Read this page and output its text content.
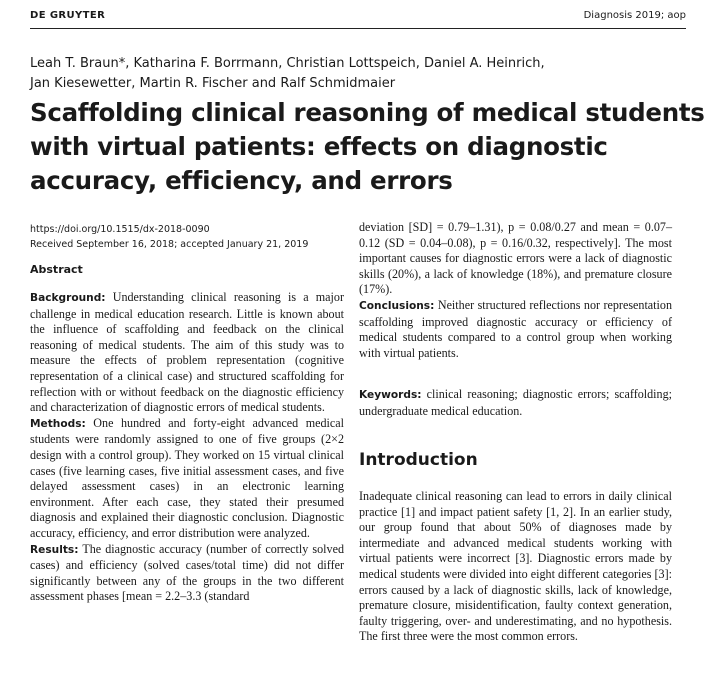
DE GRUYTER	Diagnosis 2019; aop
Leah T. Braun*, Katharina F. Borrmann, Christian Lottspeich, Daniel A. Heinrich,
Jan Kiesewetter, Martin R. Fischer and Ralf Schmidmaier
Scaffolding clinical reasoning of medical students with virtual patients: effects on diagnostic accuracy, efficiency, and errors
https://doi.org/10.1515/dx-2018-0090
Received September 16, 2018; accepted January 21, 2019
Abstract

Background: Understanding clinical reasoning is a major challenge in medical education research. Little is known about the influence of scaffolding and feedback on the clinical reasoning of medical students. The aim of this study was to measure the effects of problem representation (cognitive representation of a clinical case) and structured scaffolding for reflection with or without feedback on the diagnostic efficiency and characterization of diagnostic errors of medical students.

Methods: One hundred and forty-eight advanced medical students were randomly assigned to one of five groups (2×2 design with a control group). They worked on 15 virtual clinical cases (five learning cases, five initial assessment cases, and five delayed assessment cases) in an electronic learning environment. After each case, they stated their presumed diagnosis and explained their diagnostic conclusion. Diagnostic accuracy, efficiency, and error distribution were analyzed.

Results: The diagnostic accuracy (number of correctly solved cases) and efficiency (solved cases/total time) did not differ significantly between any of the groups in the two different assessment phases [mean = 2.2–3.3 (standard

deviation [SD] = 0.79–1.31), p = 0.08/0.27 and mean = 0.07–0.12 (SD = 0.04–0.08), p = 0.16/0.32, respectively]. The most important causes for diagnostic errors were a lack of diagnostic skills (20%), a lack of knowledge (18%), and premature closure (17%).

Conclusions: Neither structured reflections nor representation scaffolding improved diagnostic accuracy or efficiency of medical students compared to a control group when working with virtual patients.

Keywords: clinical reasoning; diagnostic errors; scaffolding; undergraduate medical education.

Introduction

Inadequate clinical reasoning can lead to errors in daily clinical practice [1] and impact patient safety [1, 2]. In an earlier study, our group found that about 50% of diagnoses made by intermediate and advanced medical students working with virtual patients were incorrect [3]. Diagnostic errors made by medical students were divided into eight different categories [3]: errors caused by a lack of diagnostic skills, lack of knowledge, premature closure, misidentification, faulty context generation, faulty triggering, over- and underestimating, and no hypothesis. The first three were the most common errors.
